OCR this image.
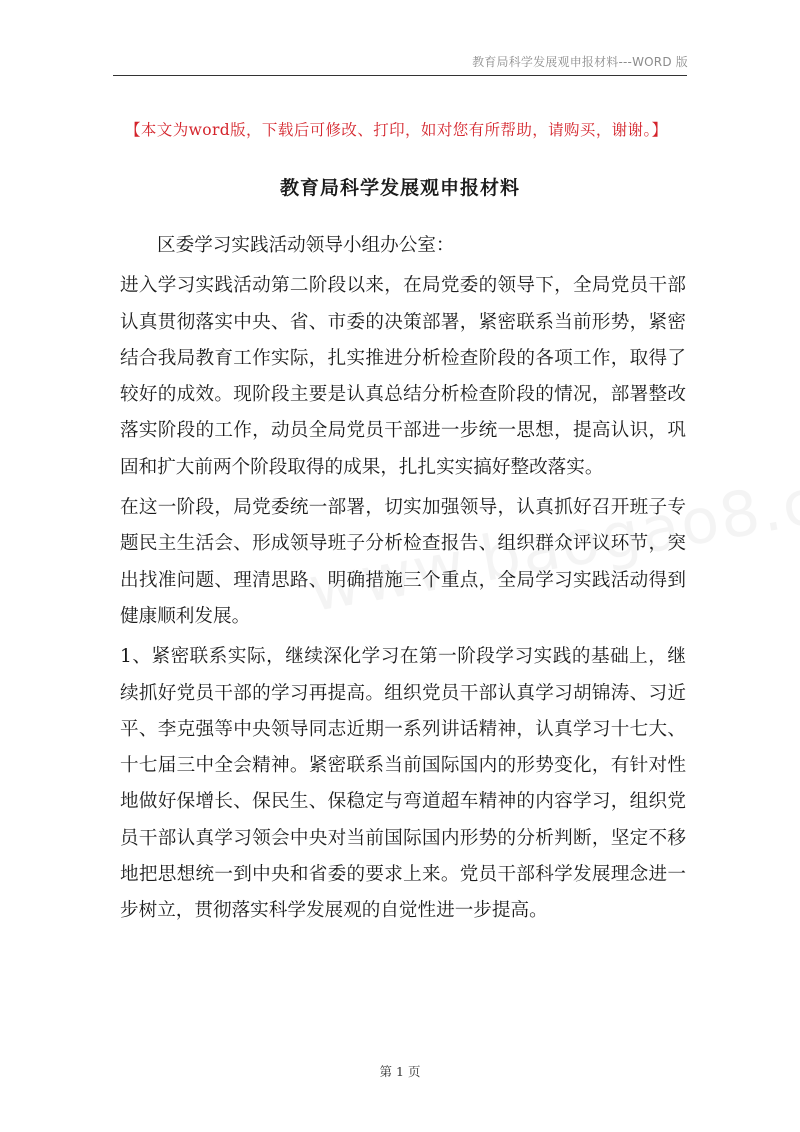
教育局科学发展观申报材料---WORD 版
【本文为word版，下载后可修改、打印，如对您有所帮助，请购买，谢谢。】
教育局科学发展观申报材料

区委学习实践活动领导小组办公室：

进入学习实践活动第二阶段以来，在局党委的领导下，全局党员干部认真贯彻落实中央、省、市委的决策部署，紧密联系当前形势，紧密结合我局教育工作实际，扎实推进分析检查阶段的各项工作，取得了较好的成效。现阶段主要是认真总结分析检查阶段的情况，部署整改落实阶段的工作，动员全局党员干部进一步统一思想，提高认识，巩固和扩大前两个阶段取得的成果，扎扎实实搞好整改落实。

在这一阶段，局党委统一部署，切实加强领导，认真抓好召开班子专题民主生活会、形成领导班子分析检查报告、组织群众评议环节，突出找准问题、理清思路、明确措施三个重点，全局学习实践活动得到健康顺利发展。

1、紧密联系实际，继续深化学习在第一阶段学习实践的基础上，继续抓好党员干部的学习再提高。组织党员干部认真学习胡锦涛、习近平、李克强等中央领导同志近期一系列讲话精神，认真学习十七大、十七届三中全会精神。紧密联系当前国际国内的形势变化，有针对性地做好保增长、保民生、保稳定与弯道超车精神的内容学习，组织党员干部认真学习领会中央对当前国际国内形势的分析判断，坚定不移地把思想统一到中央和省委的要求上来。党员干部科学发展理念进一步树立，贯彻落实科学发展观的自觉性进一步提高。

第 1 页
